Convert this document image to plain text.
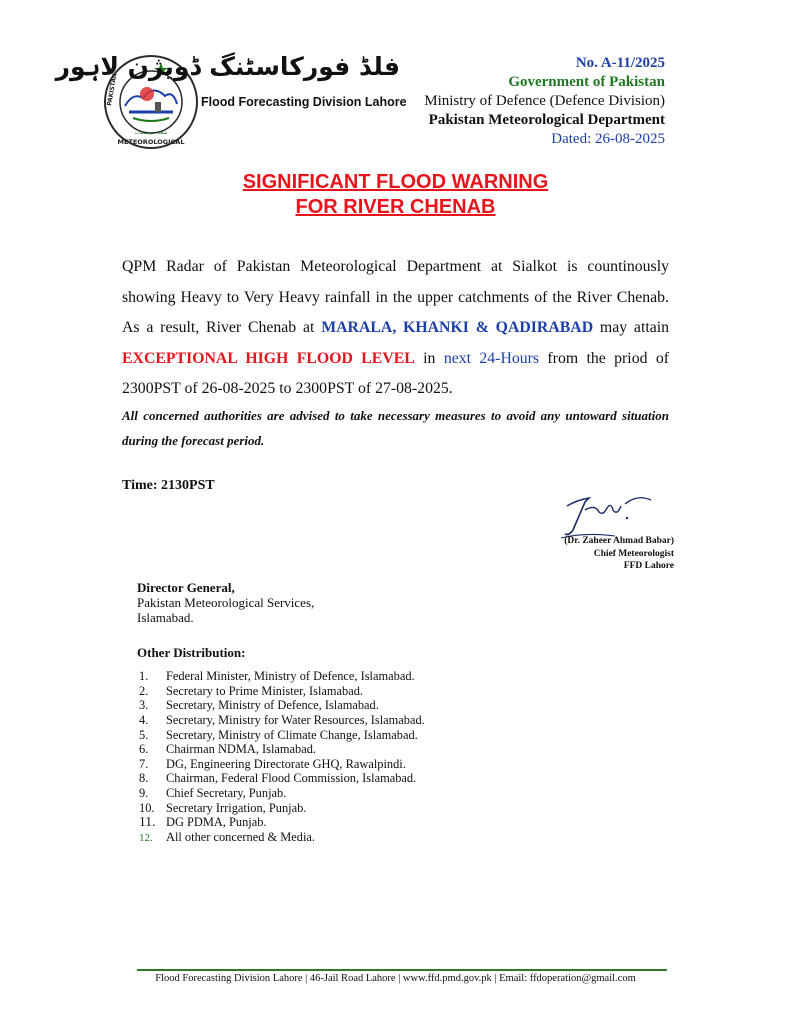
METEOROLOGICAL
PAKISTAN
شعبۂ موسمیات
فلڈ فورکاسٹنگ ڈویژن لاہور
Flood Forecasting Division Lahore
No. A-11/2025
Government of Pakistan
Ministry of Defence (Defence Division)
Pakistan Meteorological Department
Dated: 26-08-2025
SIGNIFICANT FLOOD WARNING
FOR RIVER CHENAB
QPM Radar of Pakistan Meteorological Department at Sialkot is countinously showing Heavy to Very Heavy rainfall in the upper catchments of the River Chenab. As a result, River Chenab at MARALA, KHANKI & QADIRABAD may attain EXCEPTIONAL HIGH FLOOD LEVEL in next 24-Hours from the priod of 2300PST of 26-08-2025 to 2300PST of 27-08-2025.
All concerned authorities are advised to take necessary measures to avoid any untoward situation during the forecast period.
Time: 2130PST
(Dr. Zaheer Ahmad Babar)
Chief Meteorologist
FFD Lahore
Director General,
Pakistan Meteorological Services,
Islamabad.
Other Distribution:
1. Federal Minister, Ministry of Defence, Islamabad.
2. Secretary to Prime Minister, Islamabad.
3. Secretary, Ministry of Defence, Islamabad.
4. Secretary, Ministry for Water Resources, Islamabad.
5. Secretary, Ministry of Climate Change, Islamabad.
6. Chairman NDMA, Islamabad.
7. DG, Engineering Directorate GHQ, Rawalpindi.
8. Chairman, Federal Flood Commission, Islamabad.
9. Chief Secretary, Punjab.
10. Secretary Irrigation, Punjab.
11. DG PDMA, Punjab.
12. All other concerned & Media.
Flood Forecasting Division Lahore | 46-Jail Road Lahore | www.ffd.pmd.gov.pk | Email: ffdoperation@gmail.com
